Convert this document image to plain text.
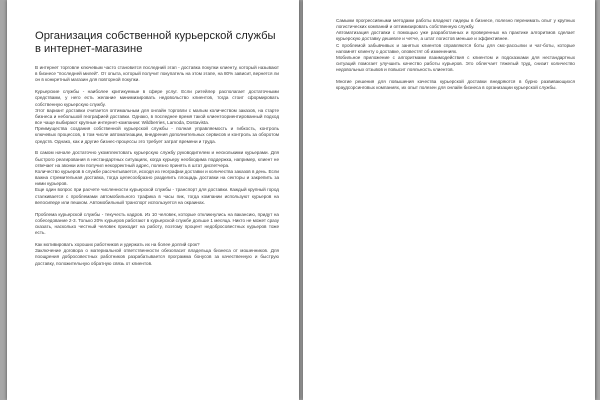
Организация собственной курьерской службы в интернет-магазине

В интернет торговле ключевым часто становится последний этап - доставка покупки клиенту, который называют в бизнесе "последней милей". От опыта, который получит покупатель на этом этапе, на 80% зависит, вернется ли он в конкретный магазин для повторной покупки.

Курьерские службы - наиболее критикуемые в сфере услуг. Если ритейлер располагает достаточными средствами, у него есть желание минимизировать недовольство клиентов, тогда стоит сформировать собственную курьерскую службу.

Этот вариант доставки считается оптимальным для онлайн торговли с малым количеством заказов, на старте бизнеса и небольшой географией доставки. Однако, в последнее время такой клиентоориентированный подход все чаще выбирают крупные интернет-компании: Wildberries, Lamoda, Dostavista.

Преимущества создания собственной курьерской службы - полная управляемость и гибкость, контроль ключевых процессов, в том числе автоматизации, внедрения дополнительных сервисов и контроль за оборотом средств. Однако, как и другие бизнес-процессы это требует затрат времени и труда.

В самом начале достаточно укомплектовать курьерскую службу руководителем и несколькими курьерами. Для быстрого реагирования в нестандартных ситуациях, когда курьеру необходима поддержка, например, клиент не отвечает на звонки или получил некорректный адрес, полезно принять в штат диспетчера.

Количество курьеров в службе рассчитывается, исходя из географии доставки и количества заказов в день. Если важна стремительная доставка, тогда целесообразно разделить площадь доставки на секторы и закрепить за ними курьеров.

Еще один вопрос при расчете численности курьерской службы - транспорт для доставки. Каждый крупный город сталкивается с проблемами автомобильного трафика в часы пик, тогда компании используют курьеров на велосипеде или пешком. Автомобильный транспорт используется на окраинах.

Проблема курьерской службы - текучесть кадров. Из 10 человек, которые откликнулись на вакансию, придут на собеседование 2-3. Только 20% курьеров работают в курьерской службе дольше 1 месяца. Никто не может сразу сказать, насколько честный человек приходит на работу, поэтому процент недобросовестных курьеров тоже есть.

Как мотивировать хороших работников и удержать их на более долгий срок?

Заключение договора о материальной ответственности обезопасит владельца бизнеса от мошенников. Для поощрения добросовестных работников разрабатывается программа бонусов за качественную и быструю доставку, положительную обратную связь от клиентов.

Самыми прогрессивными методами работы владеют лидеры в бизнесе, полезно перенимать опыт у крупных логистических компаний и оптимизировать собственную службу.

Автоматизация доставки с помощью уже разработанных и проверенных на практике алгоритмов сделает курьерскую доставку дешевле и четче, а штат логистов меньше и эффективнее.

С проблемой забывчивых и занятых клиентов справляются боты для смс-рассылки и чат-боты, которые напомнят клиенту о доставке, оповестят об изменениях.

Мобильное приложение с алгоритмами взаимодействия с клиентом и подсказками для нестандартных ситуаций помогает улучшить качество работы курьеров. Это облегчает тяжелый труд, снизит количество недовольных отзывов и повысит лояльность клиентов.

Многие решения для повышения качества курьерской доставки внедряются в бурно развивающихся краудсорсинговых компаниях, их опыт полезен для онлайн бизнеса в организации курьерской службы.
